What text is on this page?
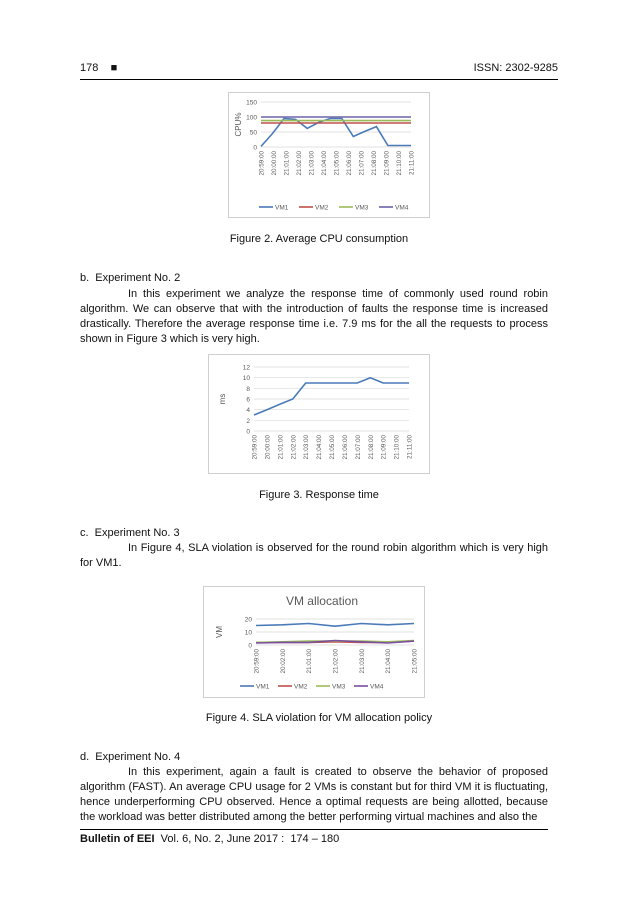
178 ■	ISSN: 2302-9285
0
50
100
150
CPU%
20:59:00 20:00:00 21:01:00 21:02:00 21:03:00 21:04:00 21:05:00 21:06:00 21:07:00 21:08:00 21:09:00 21:10:00 21:11:00
VM1	VM2	VM3	VM4
Figure 2. Average CPU consumption
b.  Experiment No. 2
In this experiment we analyze the response time of commonly used round robin algorithm. We can observe that with the introduction of faults the response time is increased drastically. Therefore the average response time i.e. 7.9 ms for the all the requests to process shown in Figure 3 which is very high.
0
2
4
6
8
10
12
ms
20:59:00 20:00:00 21:01:00 21:02:00 21:03:00 21:04:00 21:05:00 21:06:00 21:07:00 21:08:00 21:09:00 21:10:00 21:11:00
Figure 3. Response time
c.  Experiment No. 3
In Figure 4, SLA violation is observed for the round robin algorithm which is very high for VM1.
VM allocation
0
10
20
VM
20:59:00	20:02:00	21:01:00	21:02:00	21:03:00	21:04:00	21:05:00
VM1	VM2	VM3	VM4
Figure 4. SLA violation for VM allocation policy
d.  Experiment No. 4
In this experiment, again a fault is created to observe the behavior of proposed algorithm (FAST). An average CPU usage for 2 VMs is constant but for third VM it is fluctuating, hence underperforming CPU observed. Hence a optimal requests are being allotted, because the workload was better distributed among the better performing virtual machines and also the
Bulletin of EEI  Vol. 6, No. 2, June 2017 :  174 – 180
